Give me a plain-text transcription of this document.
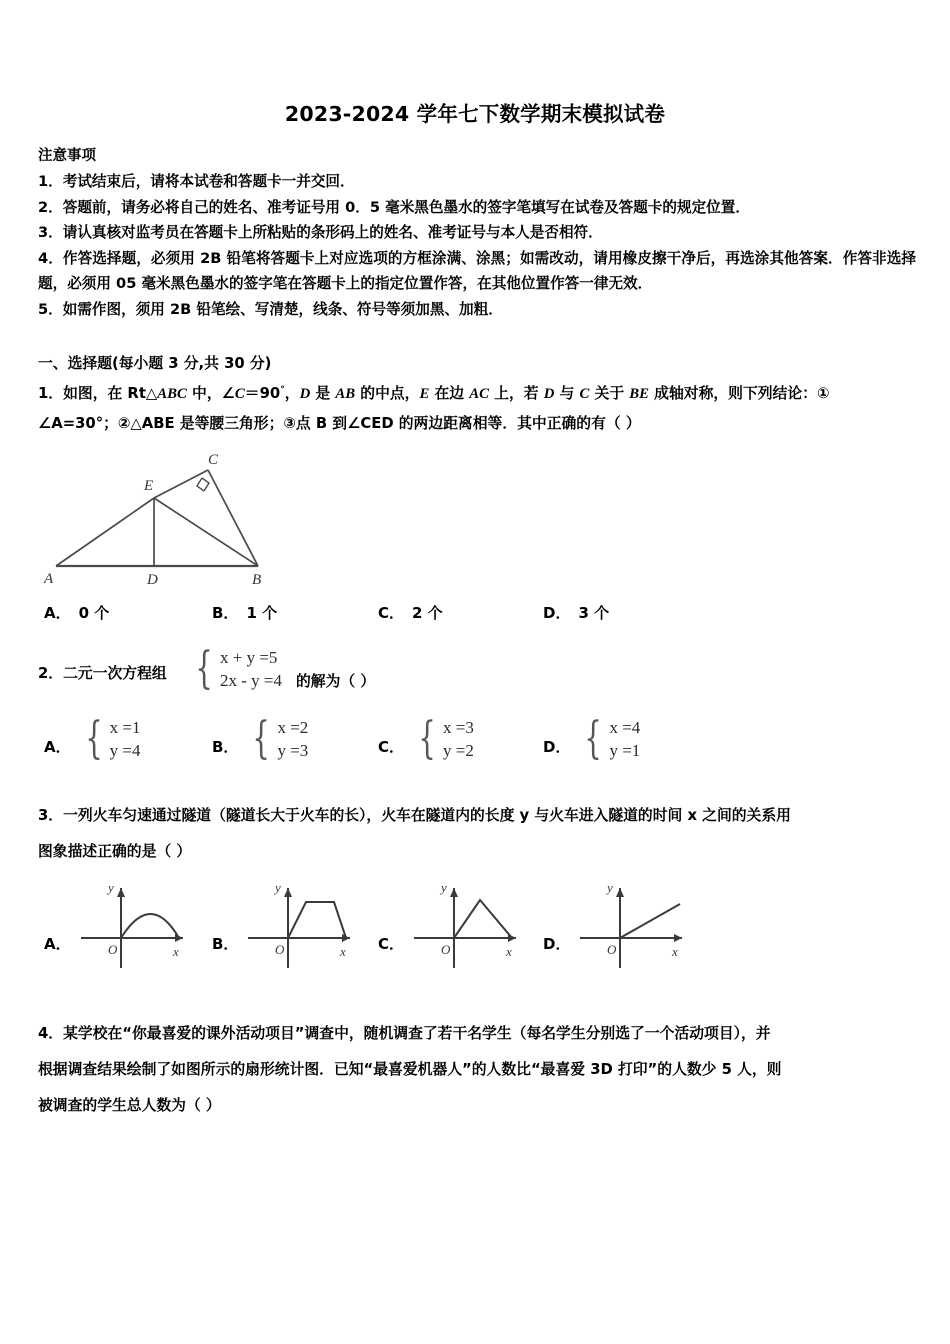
2023-2024 学年七下数学期末模拟试卷
注意事项
1．考试结束后，请将本试卷和答题卡一并交回．
2．答题前，请务必将自己的姓名、准考证号用 0．5 毫米黑色墨水的签字笔填写在试卷及答题卡的规定位置．
3．请认真核对监考员在答题卡上所粘贴的条形码上的姓名、准考证号与本人是否相符．
4．作答选择题，必须用 2B 铅笔将答题卡上对应选项的方框涂满、涂黑；如需改动，请用橡皮擦干净后，再选涂其他答案．作答非选择题，必须用 05 毫米黑色墨水的签字笔在答题卡上的指定位置作答，在其他位置作答一律无效．
5．如需作图，须用 2B 铅笔绘、写清楚，线条、符号等须加黑、加粗．
一、选择题(每小题 3 分,共 30 分)
1．如图，在 Rt△ABC 中，∠C＝90°，D 是 AB 的中点，E 在边 AC 上，若 D 与 C 关于 BE 成轴对称，则下列结论：①
∠A=30°；②△ABE 是等腰三角形；③点 B 到∠CED 的两边距离相等．其中正确的有（ ）
A	D	B
E
C
A． 0 个	B． 1 个	C． 2 个	D． 3 个
2．二元一次方程组 { x + y =5
2x - y =4 的解为（ ）
A． { x =1
y =4	B． { x =2
y =3	C． { x =3
y =2	D． { x =4
y =1
3．一列火车匀速通过隧道（隧道长大于火车的长），火车在隧道内的长度 y 与火车进入隧道的时间 x 之间的关系用
图象描述正确的是（ ）
A．	O	x
y
B．	O	x
y
C．	O	x
y
D．	O	x
y
4．某学校在“你最喜爱的课外活动项目”调查中，随机调查了若干名学生（每名学生分别选了一个活动项目），并
根据调查结果绘制了如图所示的扇形统计图．已知“最喜爱机器人”的人数比“最喜爱 3D 打印”的人数少 5 人，则
被调查的学生总人数为（ ）
